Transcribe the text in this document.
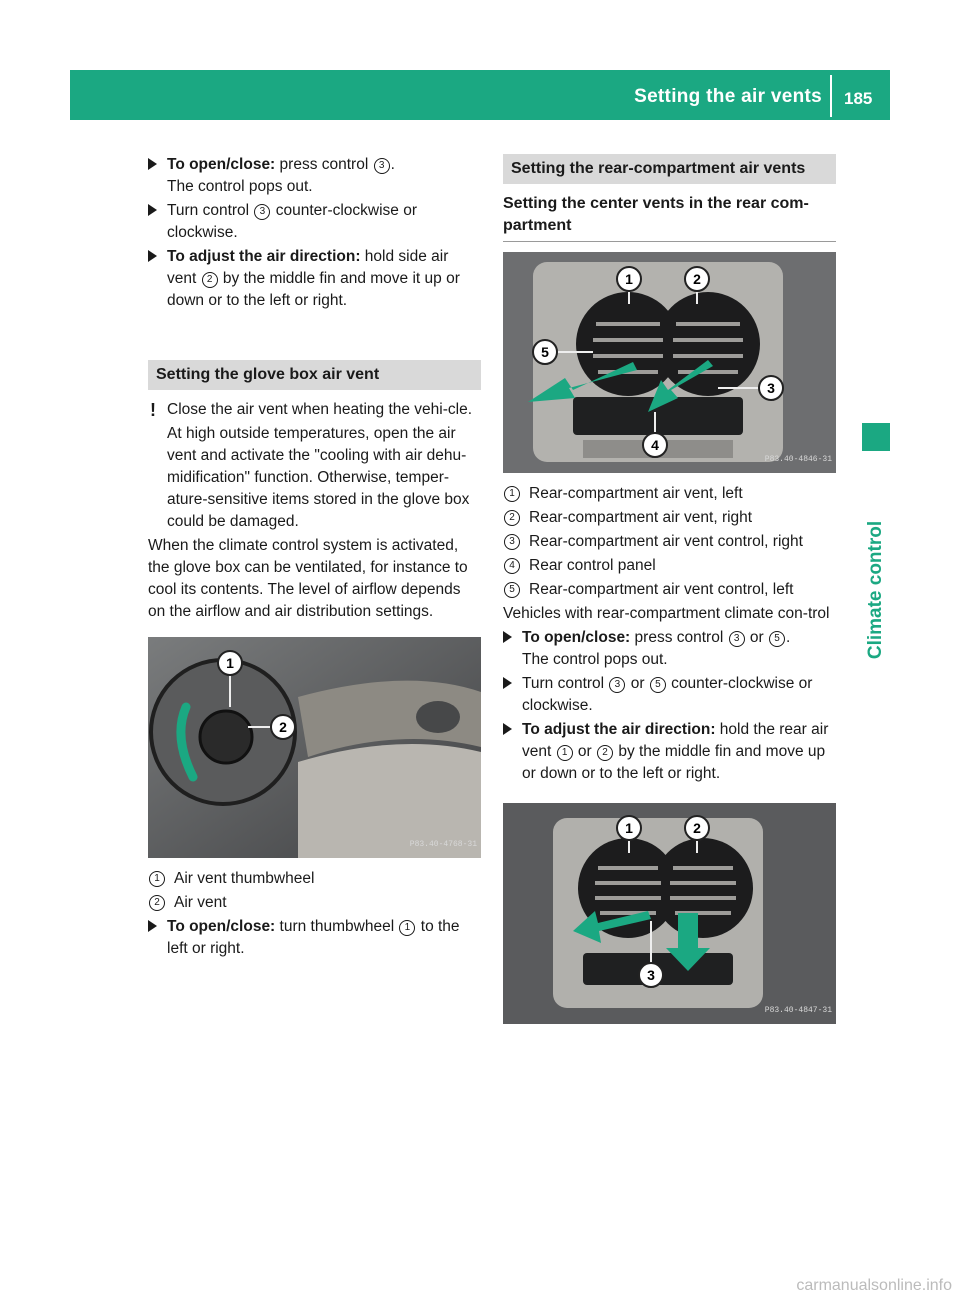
Setting the air vents 185
Climate control
To open/close: press control 3 .
The control pops out.
Turn control 3 counter-clockwise or clockwise.
To adjust the air direction: hold side air vent 2 by the middle fin and move it up or down or to the left or right.
Setting the glove box air vent
! Close the air vent when heating the vehi-cle.
At high outside temperatures, open the air vent and activate the "cooling with air dehu-midification" function. Otherwise, temper-ature-sensitive items stored in the glove box could be damaged.
When the climate control system is activated, the glove box can be ventilated, for instance to cool its contents. The level of airflow depends on the airflow and air distribution settings.
1
2
P83.40-4768-31
1 Air vent thumbwheel
2 Air vent
To open/close: turn thumbwheel 1 to the left or right.
Setting the rear-compartment air vents
Setting the center vents in the rear com-partment
1	2
3
4
5
P83.40-4846-31
1 Rear-compartment air vent, left
2 Rear-compartment air vent, right
3 Rear-compartment air vent control, right
4 Rear control panel
5 Rear-compartment air vent control, left
Vehicles with rear-compartment climate con-trol
To open/close: press control 3 or 5 .
The control pops out.
Turn control 3 or 5 counter-clockwise or clockwise.
To adjust the air direction: hold the rear air vent 1 or 2 by the middle fin and move up or down or to the left or right.
1	2
3
P83.40-4847-31
carmanualsonline.info
